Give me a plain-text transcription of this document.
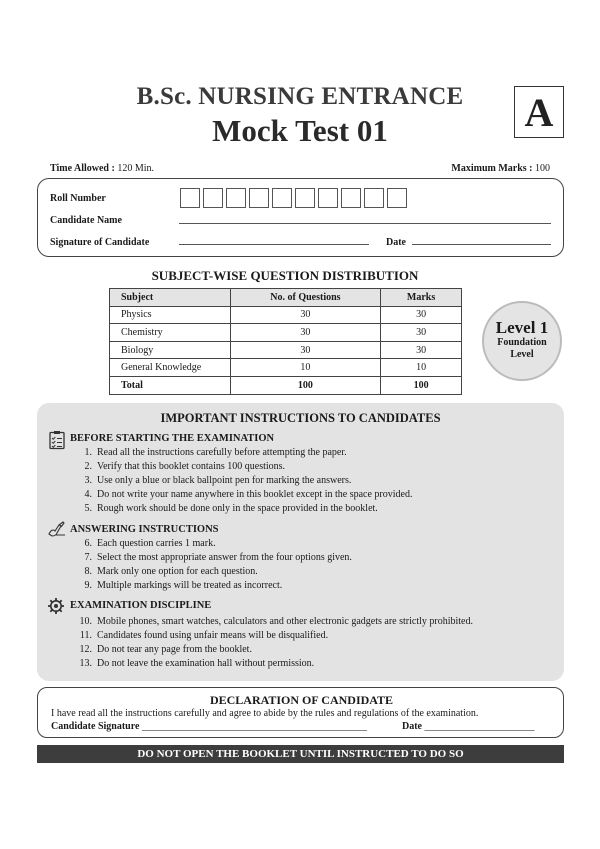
B.Sc. NURSING ENTRANCE
Mock Test 01	A
Time Allowed : 120 Min.	Maximum Marks : 100
Roll Number
Candidate Name
Signature of Candidate	Date
SUBJECT-WISE QUESTION DISTRIBUTION
Subject	No. of Questions	Marks
Physics	30	30
Chemistry	30	30
Biology	30	30
General Knowledge	10	10
Total	100	100
Level 1
Foundation
Level
IMPORTANT INSTRUCTIONS TO CANDIDATES
BEFORE STARTING THE EXAMINATION
1. Read all the instructions carefully before attempting the paper.
2. Verify that this booklet contains 100 questions.
3. Use only a blue or black ballpoint pen for marking the answers.
4. Do not write your name anywhere in this booklet except in the space provided.
5. Rough work should be done only in the space provided in the booklet.
ANSWERING INSTRUCTIONS
6. Each question carries 1 mark.
7. Select the most appropriate answer from the four options given.
8. Mark only one option for each question.
9. Multiple markings will be treated as incorrect.
EXAMINATION DISCIPLINE
10. Mobile phones, smart watches, calculators and other electronic gadgets are strictly prohibited.
11. Candidates found using unfair means will be disqualified.
12. Do not tear any page from the booklet.
13. Do not leave the examination hall without permission.
DECLARATION OF CANDIDATE
I have read all the instructions carefully and agree to abide by the rules and regulations of the examination.
Candidate Signature _____________________________________________	Date ______________________
DO NOT OPEN THE BOOKLET UNTIL INSTRUCTED TO DO SO
